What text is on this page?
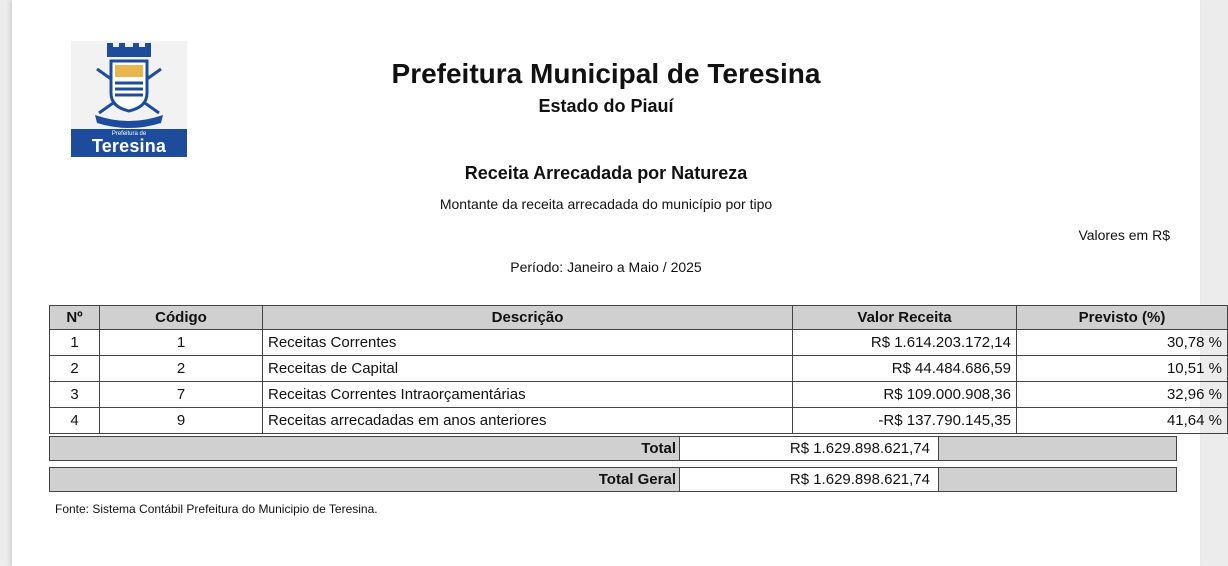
Prefeitura de
Teresina
Prefeitura Municipal de Teresina
Estado do Piauí
Receita Arrecadada por Natureza
Montante da receita arrecadada do município por tipo
Valores em R$
Período: Janeiro a Maio / 2025
Nº	Código	Descrição	Valor Receita	Previsto (%)
1	1	Receitas Correntes	R$ 1.614.203.172,14	30,78 %
2	2	Receitas de Capital	R$ 44.484.686,59	10,51 %
3	7	Receitas Correntes Intraorçamentárias	R$ 109.000.908,36	32,96 %
4	9	Receitas arrecadadas em anos anteriores	-R$ 137.790.145,35	41,64 %
Total	R$ 1.629.898.621,74
Total Geral	R$ 1.629.898.621,74
Fonte: Sistema Contábil Prefeitura do Municipio de Teresina.
